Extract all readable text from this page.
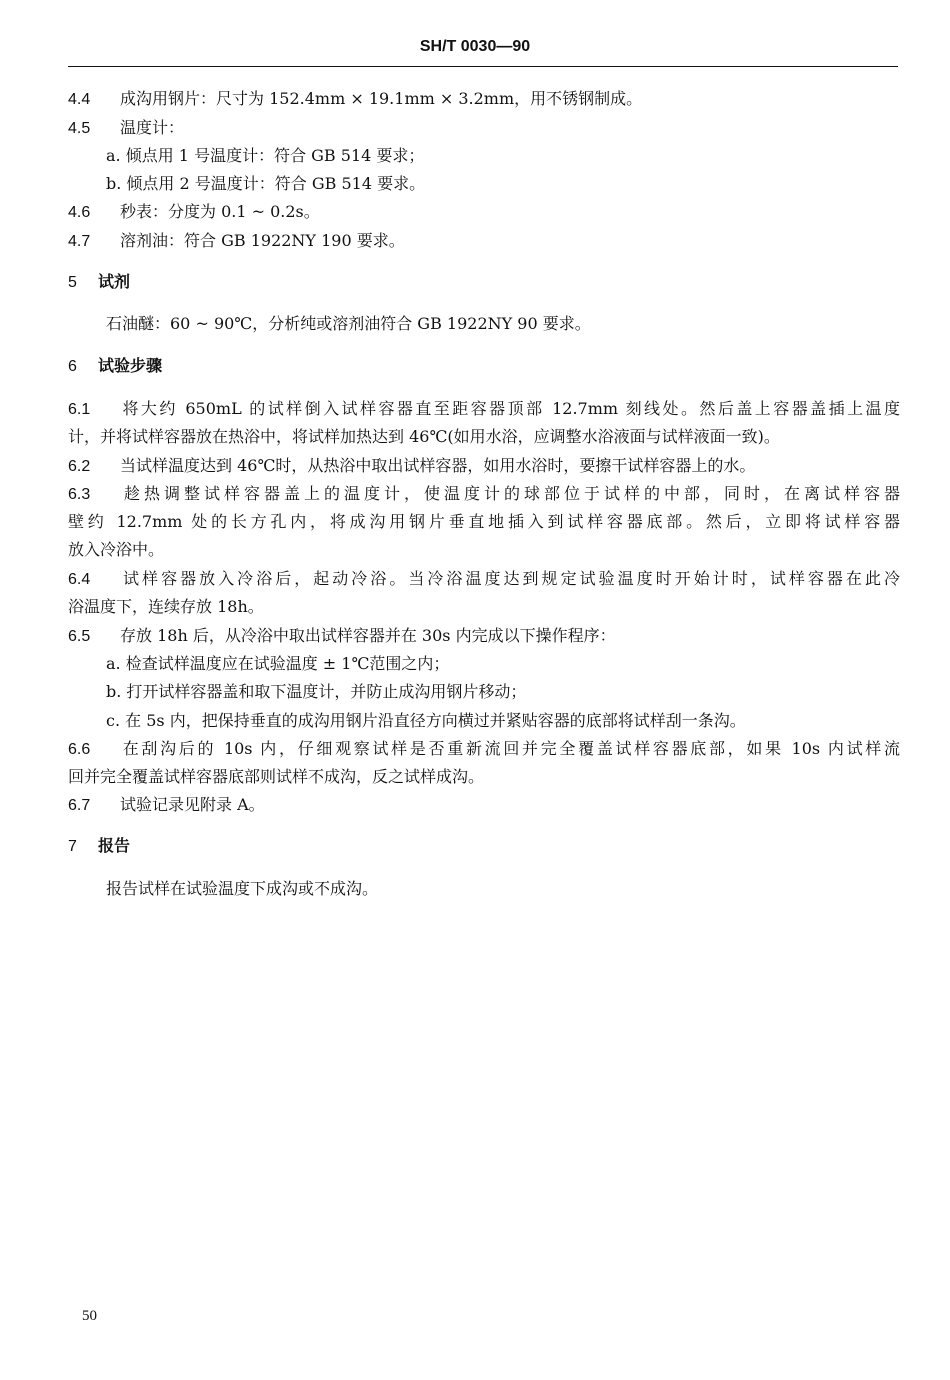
SH/T 0030—90
4.4 成沟用钢片：尺寸为 152.4mm × 19.1mm × 3.2mm，用不锈钢制成。
4.5 温度计：
a. 倾点用 1 号温度计：符合 GB 514 要求；
b. 倾点用 2 号温度计：符合 GB 514 要求。
4.6 秒表：分度为 0.1 ~ 0.2s。
4.7 溶剂油：符合 GB 1922NY 190 要求。
5 试剂
石油醚：60 ~ 90℃，分析纯或溶剂油符合 GB 1922NY 90 要求。
6 试验步骤
6.1 将大约 650mL 的试样倒入试样容器直至距容器顶部 12.7mm 刻线处。然后盖上容器盖插上温度
计，并将试样容器放在热浴中，将试样加热达到 46℃(如用水浴，应调整水浴液面与试样液面一致)。
6.2 当试样温度达到 46℃时，从热浴中取出试样容器，如用水浴时，要擦干试样容器上的水。
6.3 趁热调整试样容器盖上的温度计，使温度计的球部位于试样的中部，同时，在离试样容器
壁约 12.7mm 处的长方孔内，将成沟用钢片垂直地插入到试样容器底部。然后，立即将试样容器
放入冷浴中。
6.4 试样容器放入冷浴后，起动冷浴。当冷浴温度达到规定试验温度时开始计时，试样容器在此冷
浴温度下，连续存放 18h。
6.5 存放 18h 后，从冷浴中取出试样容器并在 30s 内完成以下操作程序：
a. 检查试样温度应在试验温度 ± 1℃范围之内；
b. 打开试样容器盖和取下温度计，并防止成沟用钢片移动；
c. 在 5s 内，把保持垂直的成沟用钢片沿直径方向横过并紧贴容器的底部将试样刮一条沟。
6.6 在刮沟后的 10s 内，仔细观察试样是否重新流回并完全覆盖试样容器底部，如果 10s 内试样流
回并完全覆盖试样容器底部则试样不成沟，反之试样成沟。
6.7 试验记录见附录 A。
7 报告
报告试样在试验温度下成沟或不成沟。
50
